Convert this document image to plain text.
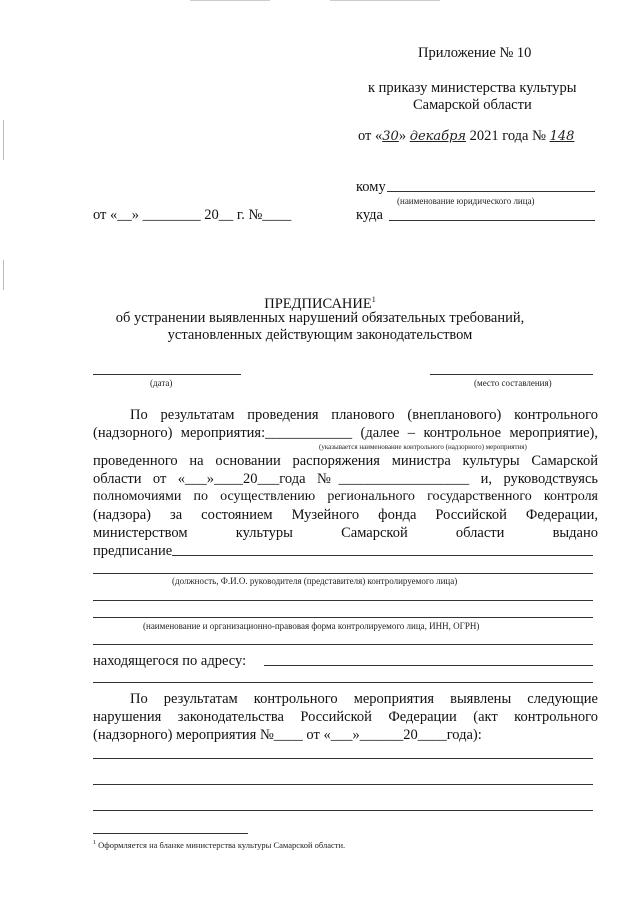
Приложение № 10
к приказу министерства культуры
Самарской области
от «30» декабря 2021 года № 148
кому
(наименование юридического лица)
куда
от «__» ________ 20__ г. №____
ПРЕДПИСАНИЕ$^1$
об устранении выявленных нарушений обязательных требований,
установленных действующим законодательством
(дата)	(место составления)
По результатам проведения планового (внепланового) контрольного
(надзорного) мероприятия:____________ (далее – контрольное мероприятие),
(указывается наименование контрольного (надзорного) мероприятия)
проведенного на основании распоряжения министра культуры Самарской
области от «___»____20___года №__________________ и, руководствуясь
полномочиями по осуществлению регионального государственного контроля
(надзора) за состоянием Музейного фонда Российской Федерации,
министерством культуры Самарской области выдано
предписание
(должность, Ф.И.О. руководителя (представителя) контролируемого лица)
(наименование и организационно-правовая форма контролируемого лица, ИНН, ОГРН)
находящегося по адресу:
По результатам контрольного мероприятия выявлены следующие
нарушения законодательства Российской Федерации (акт контрольного
(надзорного) мероприятия №____ от «___»______20____года):
$^1$ Оформляется на бланке министерства культуры Самарской области.
